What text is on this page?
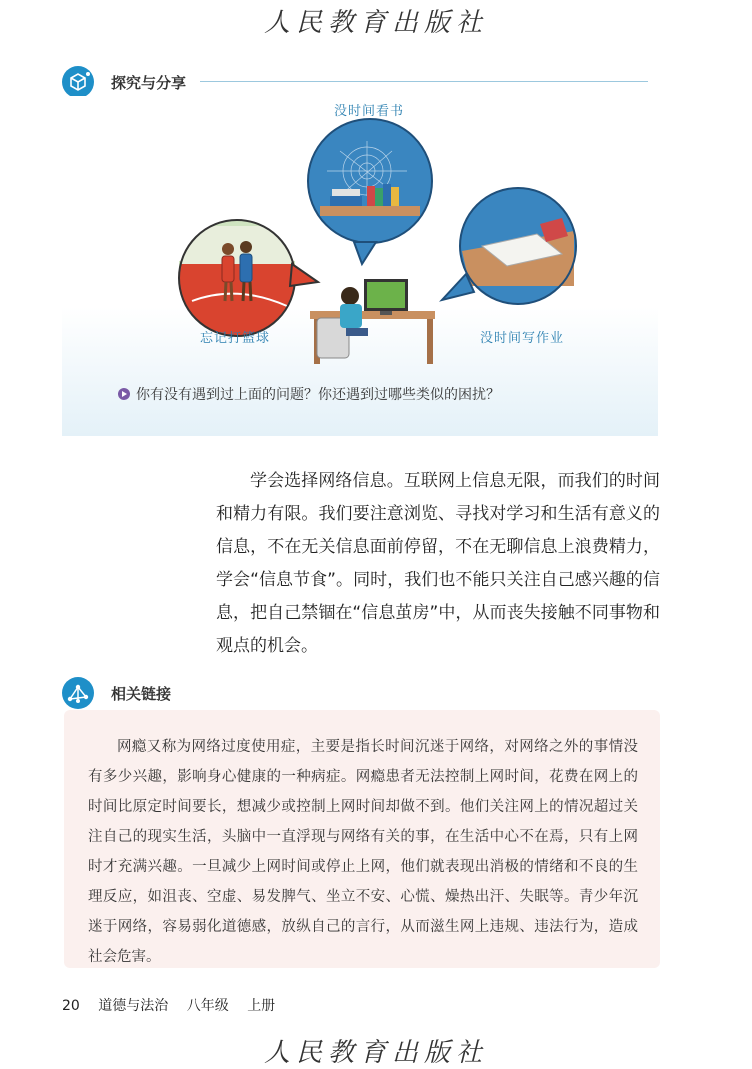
人民教育出版社
探究与分享
没时间看书
忘记打篮球	没时间写作业
你有没有遇到过上面的问题？你还遇到过哪些类似的困扰？

学会选择网络信息。互联网上信息无限，而我们的时间和精力有限。我们要注意浏览、寻找对学习和生活有意义的信息，不在无关信息面前停留，不在无聊信息上浪费精力，学会“信息节食”。同时，我们也不能只关注自己感兴趣的信息，把自己禁锢在“信息茧房”中，从而丧失接触不同事物和观点的机会。

相关链接

网瘾又称为网络过度使用症，主要是指长时间沉迷于网络，对网络之外的事情没有多少兴趣，影响身心健康的一种病症。网瘾患者无法控制上网时间，花费在网上的时间比原定时间要长，想减少或控制上网时间却做不到。他们关注网上的情况超过关注自己的现实生活，头脑中一直浮现与网络有关的事，在生活中心不在焉，只有上网时才充满兴趣。一旦减少上网时间或停止上网，他们就表现出消极的情绪和不良的生理反应，如沮丧、空虚、易发脾气、坐立不安、心慌、燥热出汗、失眠等。青少年沉迷于网络，容易弱化道德感，放纵自己的言行，从而滋生网上违规、违法行为，造成社会危害。

20 道德与法治 八年级 上册
人民教育出版社
